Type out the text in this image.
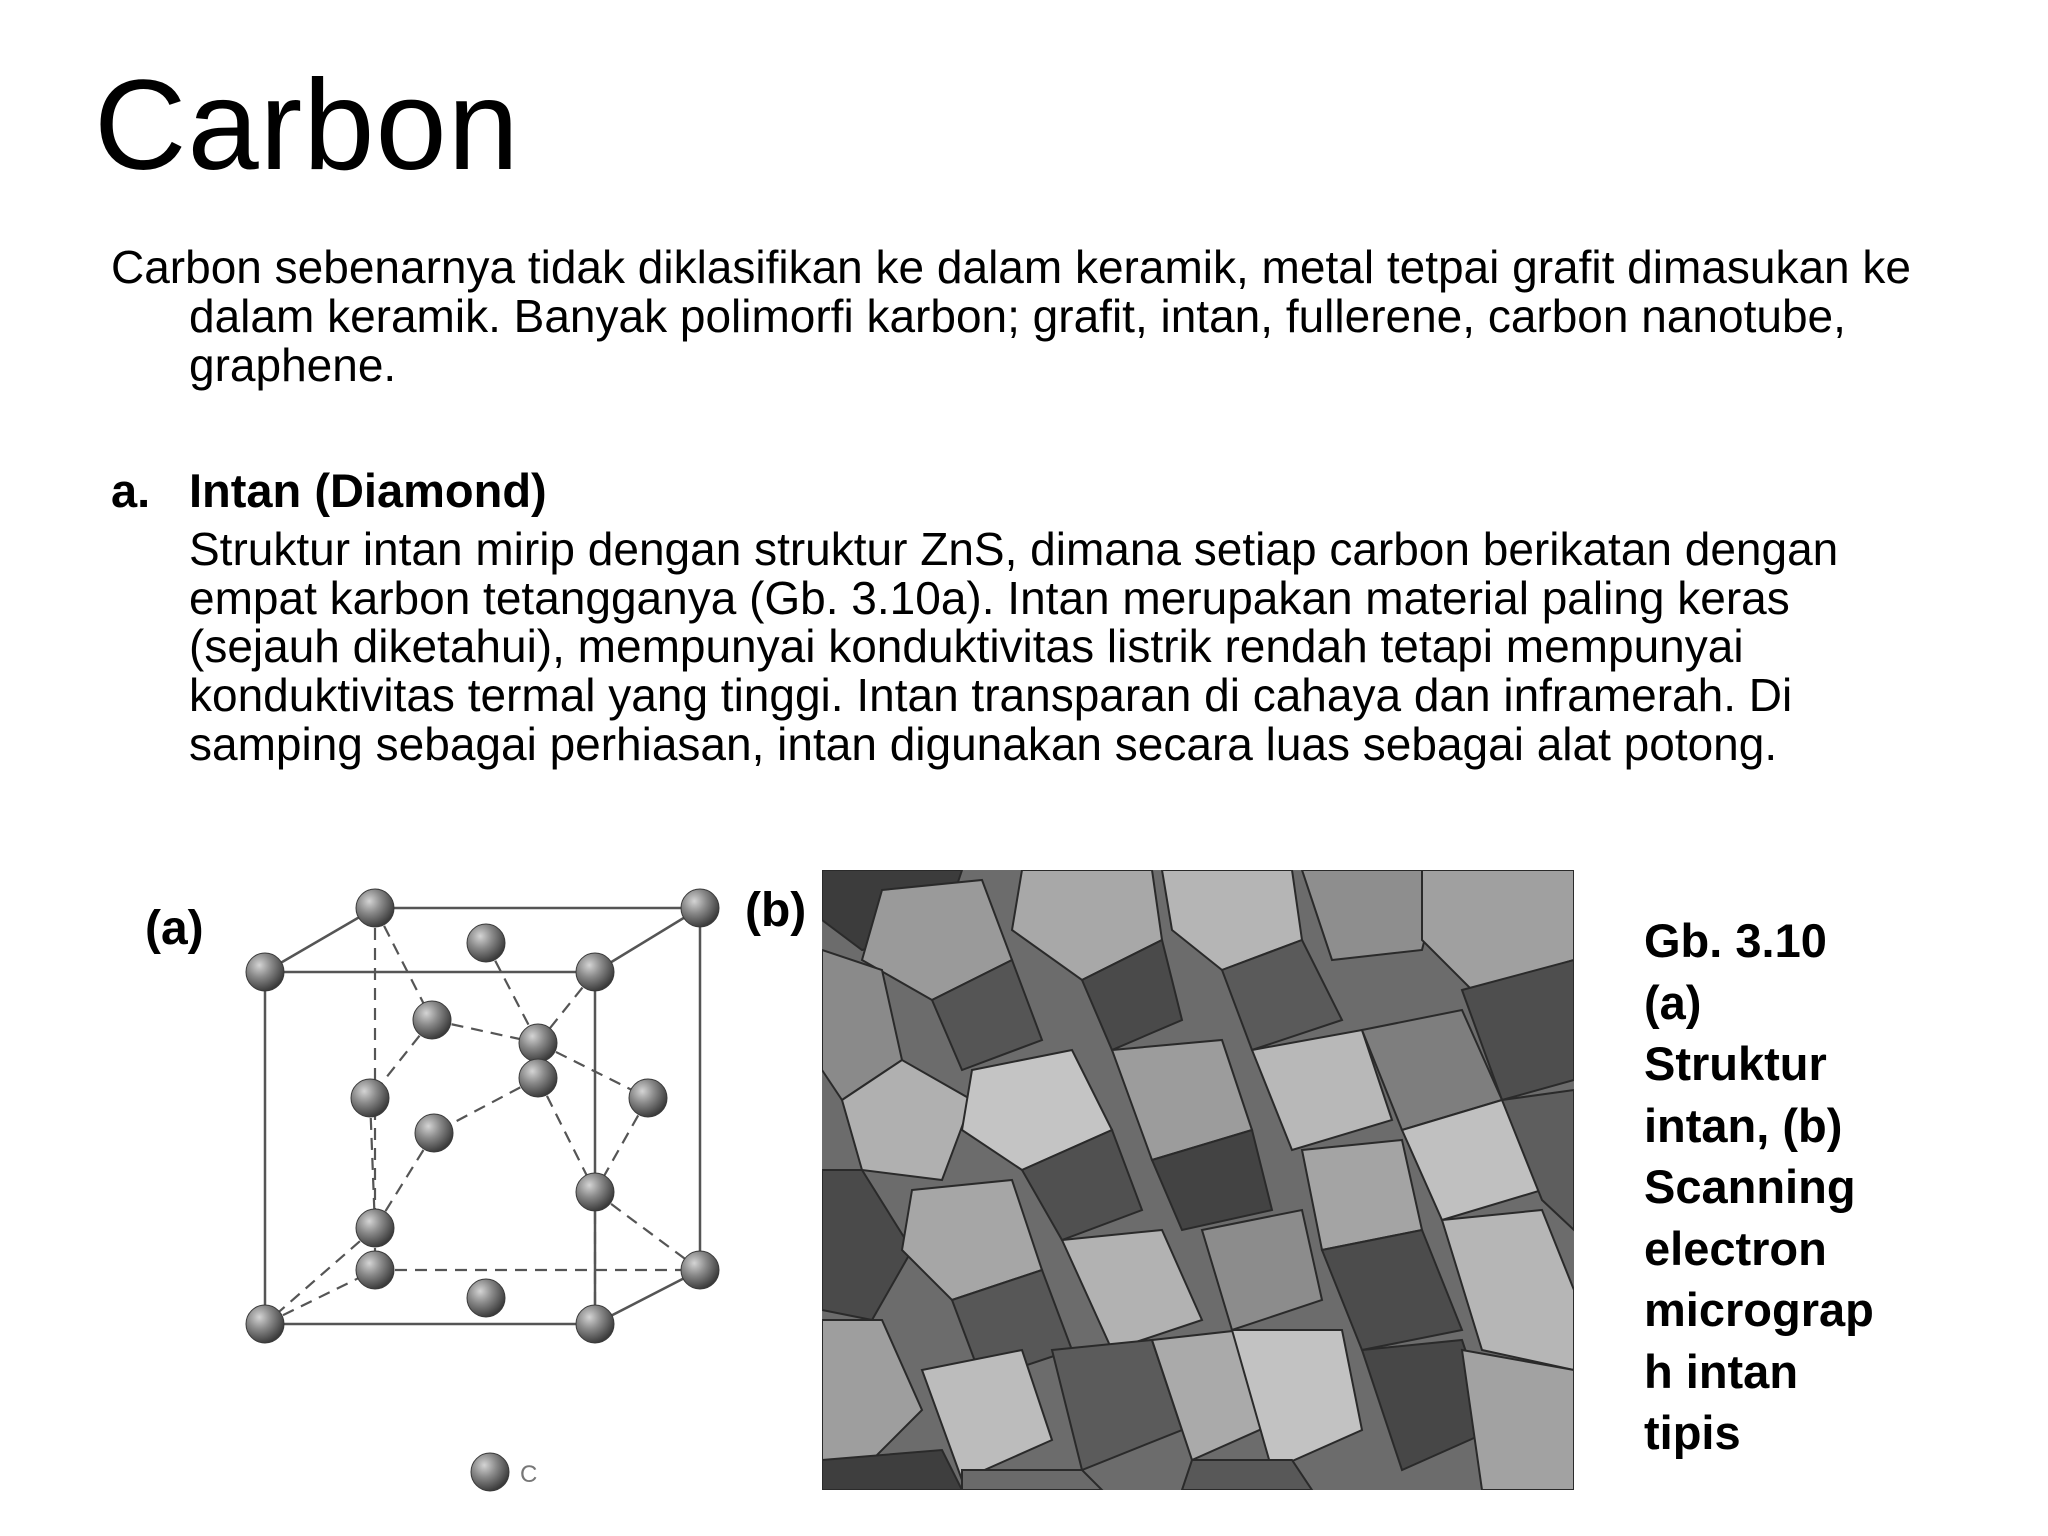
Carbon
Carbon sebenarnya tidak diklasifikan ke dalam keramik, metal tetpai grafit dimasukan ke dalam keramik. Banyak polimorfi karbon; grafit, intan, fullerene, carbon nanotube, graphene.
a. Intan (Diamond)
Struktur intan mirip dengan struktur ZnS, dimana setiap carbon berikatan dengan empat karbon tetangganya (Gb. 3.10a). Intan merupakan material paling keras (sejauh diketahui), mempunyai konduktivitas listrik rendah tetapi mempunyai konduktivitas termal yang tinggi. Intan transparan di cahaya dan inframerah. Di samping sebagai perhiasan, intan digunakan secara luas sebagai alat potong.
(a)	(b)
C
Gb. 3.10
(a)
Struktur
intan, (b)
Scanning
electron
micrograp
h intan
tipis
